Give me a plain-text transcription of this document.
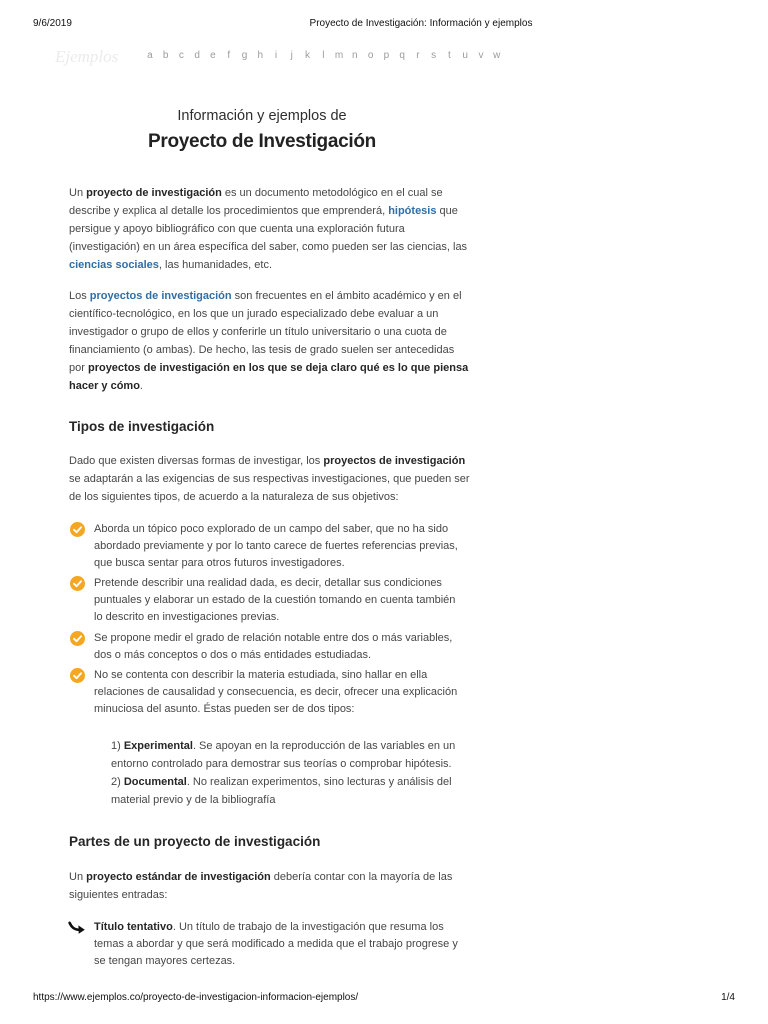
9/6/2019	Proyecto de Investigación: Información y ejemplos
Ejemplos	a	b	c	d	e	f	g	h	i	j	k	l	m n	o	p	q	r	s	t	u	v w
Información y ejemplos de
Proyecto de Investigación
Un proyecto de investigación es un documento metodológico en el cual se
describe y explica al detalle los procedimientos que emprenderá, hipótesis que
persigue y apoyo bibliográfico con que cuenta una exploración futura
(investigación) en un área específica del saber, como pueden ser las ciencias, las
ciencias sociales, las humanidades, etc.
Los proyectos de investigación son frecuentes en el ámbito académico y en el
científico-tecnológico, en los que un jurado especializado debe evaluar a un
investigador o grupo de ellos y conferirle un título universitario o una cuota de
financiamiento (o ambas). De hecho, las tesis de grado suelen ser antecedidas
por proyectos de investigación en los que se deja claro qué es lo que piensa
hacer y cómo.
Tipos de investigación
Dado que existen diversas formas de investigar, los proyectos de investigación
se adaptarán a las exigencias de sus respectivas investigaciones, que pueden ser
de los siguientes tipos, de acuerdo a la naturaleza de sus objetivos:
Aborda un tópico poco explorado de un campo del saber, que no ha sido
abordado previamente y por lo tanto carece de fuertes referencias previas,
que busca sentar para otros futuros investigadores.
Pretende describir una realidad dada, es decir, detallar sus condiciones
puntuales y elaborar un estado de la cuestión tomando en cuenta también
lo descrito en investigaciones previas.
Se propone medir el grado de relación notable entre dos o más variables,
dos o más conceptos o dos o más entidades estudiadas.
No se contenta con describir la materia estudiada, sino hallar en ella
relaciones de causalidad y consecuencia, es decir, ofrecer una explicación
minuciosa del asunto. Éstas pueden ser de dos tipos:
1) Experimental. Se apoyan en la reproducción de las variables en un
entorno controlado para demostrar sus teorías o comprobar hipótesis.
2) Documental. No realizan experimentos, sino lecturas y análisis del
material previo y de la bibliografía
Partes de un proyecto de investigación
Un proyecto estándar de investigación debería contar con la mayoría de las
siguientes entradas:
Título tentativo. Un título de trabajo de la investigación que resuma los
temas a abordar y que será modificado a medida que el trabajo progrese y
se tengan mayores certezas.
https://www.ejemplos.co/proyecto-de-investigacion-informacion-ejemplos/	1/4
